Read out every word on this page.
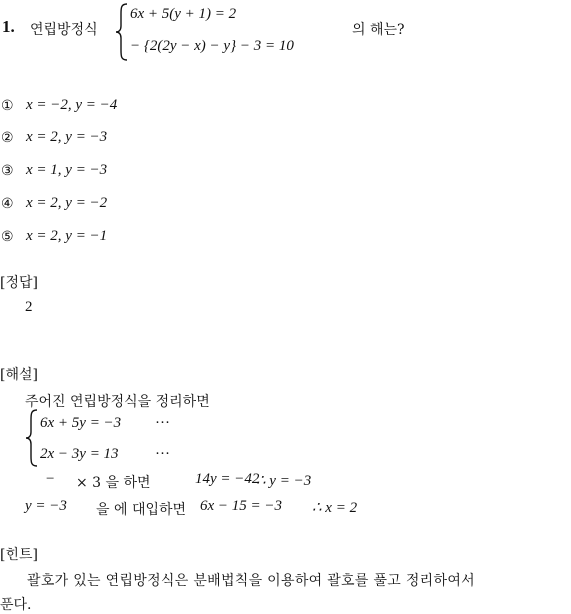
1. 연립방정식
6x + 5(y + 1) = 2
− {2(2y − x) − y} − 3 = 10
의 해는?
① x = −2, y = −4
② x = 2, y = −3
③ x = 1, y = −3
④ x = 2, y = −2
⑤ x = 2, y = −1
[정답]
2
[해설]
주어진 연립방정식을 정리하면
6x + 5y = −3 ···
2x − 3y = 13 ···
− × 3 을 하면	14y = −42
∴ y = −3
y = −3 을 에 대입하면 6x − 15 = −3 ∴ x = 2
[힌트]
괄호가 있는 연립방정식은 분배법칙을 이용하여 괄호를 풀고 정리하여서
푼다.
